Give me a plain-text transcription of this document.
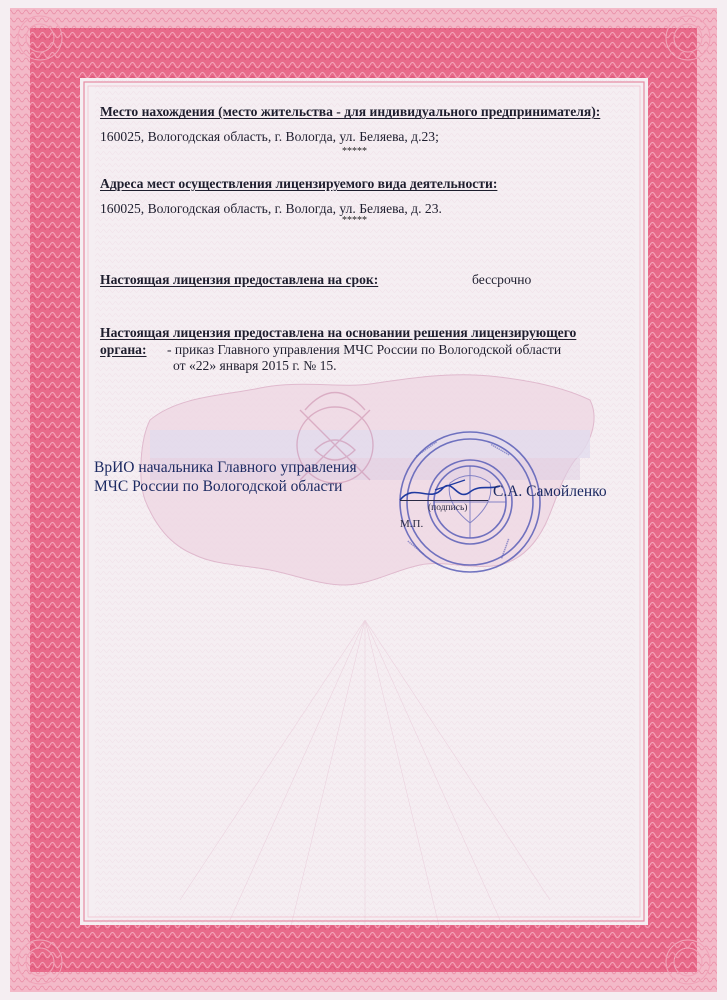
Место нахождения (место жительства - для индивидуального предпринимателя):
160025, Вологодская область, г. Вологда, ул. Беляева, д.23;
*****
Адреса мест осуществления лицензируемого вида деятельности:
160025, Вологодская область, г. Вологда, ул. Беляева, д. 23.
*****
Настоящая лицензия предоставлена на срок:	бессрочно
Настоящая лицензия предоставлена на основании решения лицензирующего
органа: - приказ Главного управления МЧС России по Вологодской области
от «22» января 2015 г. № 15.
ВрИО начальника Главного управления
МЧС России по Вологодской области
▪▪▪▪▪▪▪▪▪▪▪▪	▪▪▪▪▪▪▪▪▪▪
▪▪▪▪▪▪▪▪▪▪
▪▪▪▪▪▪▪▪▪▪
(подпись)
С.А. Самойленко
М.П.
